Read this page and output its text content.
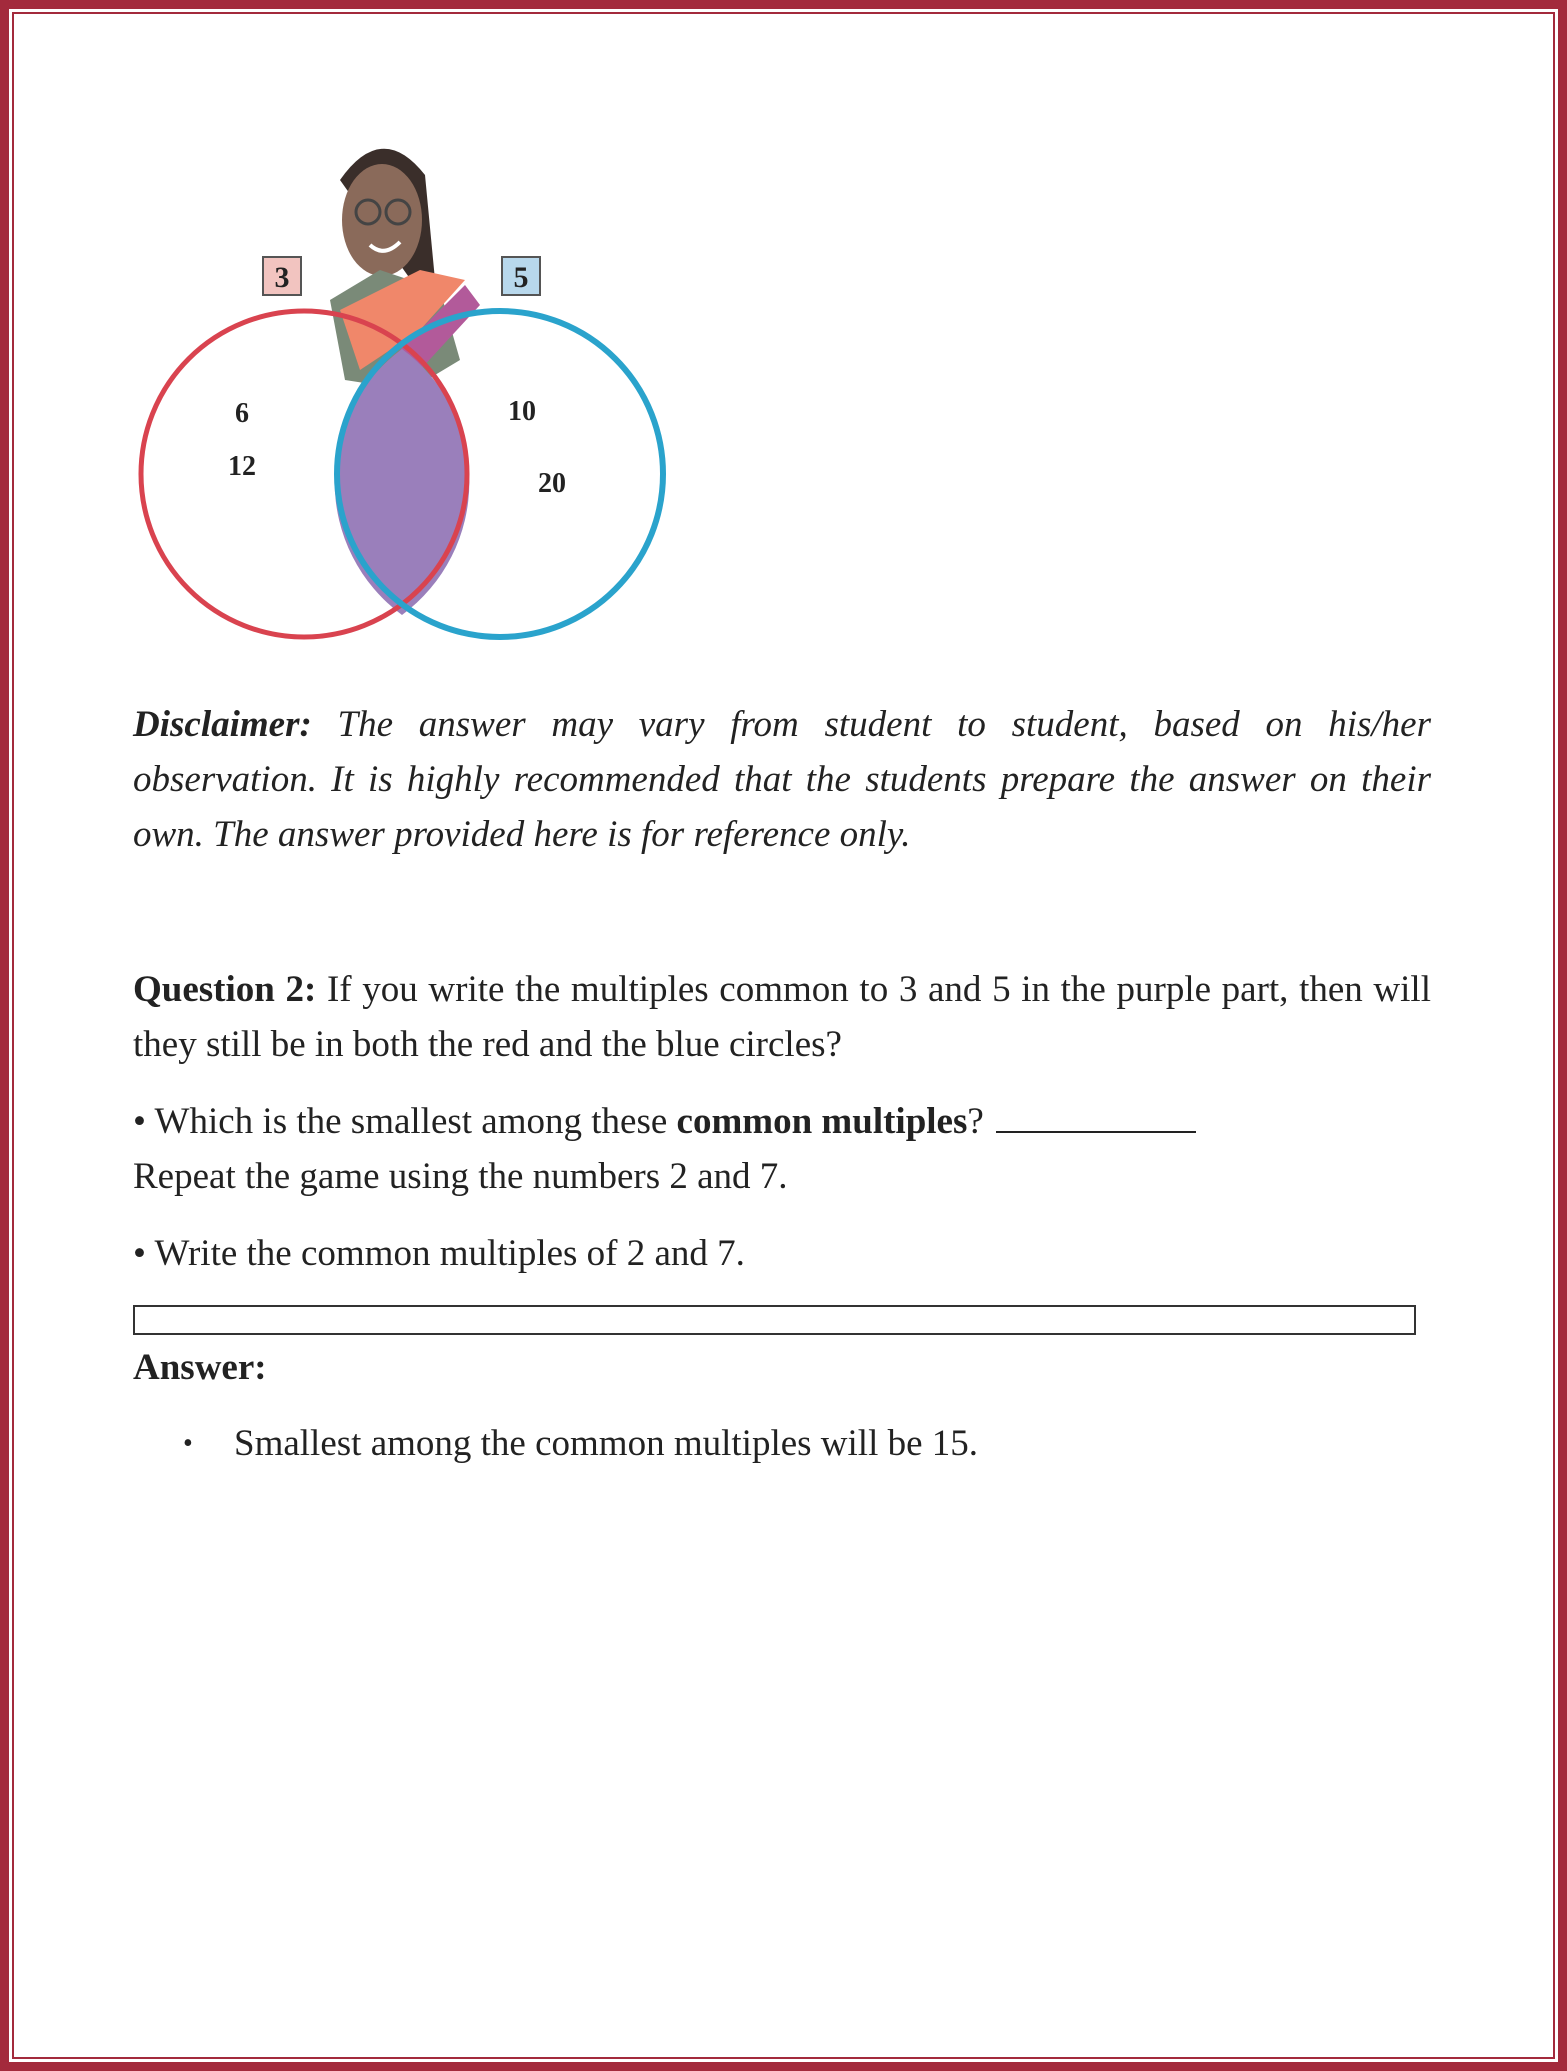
3	5
6
12
10
20
Disclaimer: The answer may vary from student to student, based on his/her observation. It is highly recommended that the students prepare the answer on their own. The answer provided here is for reference only.
Question 2: If you write the multiples common to 3 and 5 in the purple part, then will they still be in both the red and the blue circles?
• Which is the smallest among these common multiples?
Repeat the game using the numbers 2 and 7.
• Write the common multiples of 2 and 7.
Answer:
•	Smallest among the common multiples will be 15.
